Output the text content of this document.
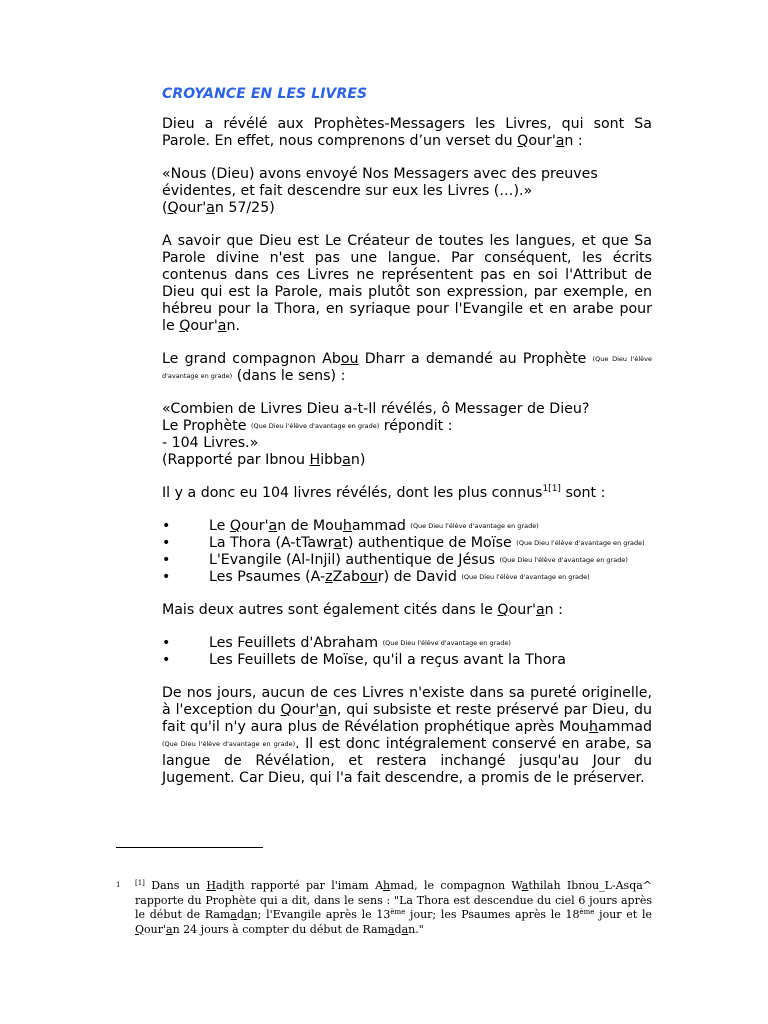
CROYANCE EN LES LIVRES

Dieu a révélé aux Prophètes-Messagers les Livres, qui sont Sa Parole. En effet, nous comprenons d’un verset du Qour'an :

«Nous (Dieu) avons envoyé Nos Messagers avec des preuves évidentes, et fait descendre sur eux les Livres (…).»
(Qour'an 57/25)

A savoir que Dieu est Le Créateur de toutes les langues, et que Sa Parole divine n'est pas une langue. Par conséquent, les écrits contenus dans ces Livres ne représentent pas en soi l'Attribut de Dieu qui est la Parole, mais plutôt son expression, par exemple, en hébreu pour la Thora, en syriaque pour l'Evangile et en arabe pour le Qour'an.

Le grand compagnon Abou Dharr a demandé au Prophète (Que Dieu l'élève d'avantage en grade) (dans le sens) :

«Combien de Livres Dieu a-t-Il révélés, ô Messager de Dieu?
Le Prophète (Que Dieu l'élève d'avantage en grade) répondit :
- 104 Livres.»
(Rapporté par Ibnou Hibban)

Il y a donc eu 104 livres révélés, dont les plus connus$^{1[1]}$ sont :

•	Le Qour'an de Mouhammad (Que Dieu l'élève d'avantage en grade)
•	La Thora (A-tTawrat) authentique de Moïse (Que Dieu l'élève d'avantage en grade)
•	L'Evangile (Al-Injil) authentique de Jésus (Que Dieu l'élève d'avantage en grade)
•	Les Psaumes (A-zZabour) de David (Que Dieu l'élève d'avantage en grade)

Mais deux autres sont également cités dans le Qour'an :

•	Les Feuillets d'Abraham (Que Dieu l'élève d'avantage en grade)
•	Les Feuillets de Moïse, qu'il a reçus avant la Thora

De nos jours, aucun de ces Livres n'existe dans sa pureté originelle, à l'exception du Qour'an, qui subsiste et reste préservé par Dieu, du fait qu'il n'y aura plus de Révélation prophétique après Mouhammad (Que Dieu l'élève d'avantage en grade). Il est donc intégralement conservé en arabe, sa langue de Révélation, et restera inchangé jusqu'au Jour du Jugement. Car Dieu, qui l'a fait descendre, a promis de le préserver.

1 [1] Dans un Hadith rapporté par l'imam Ahmad, le compagnon Wathilah Ibnou_L-Asqa^ rapporte du Prophète qui a dit, dans le sens : "La Thora est descendue du ciel 6 jours après le début de Ramadan; l'Evangile après le 13ème jour; les Psaumes après le 18ème jour et le Qour'an 24 jours à compter du début de Ramadan."
